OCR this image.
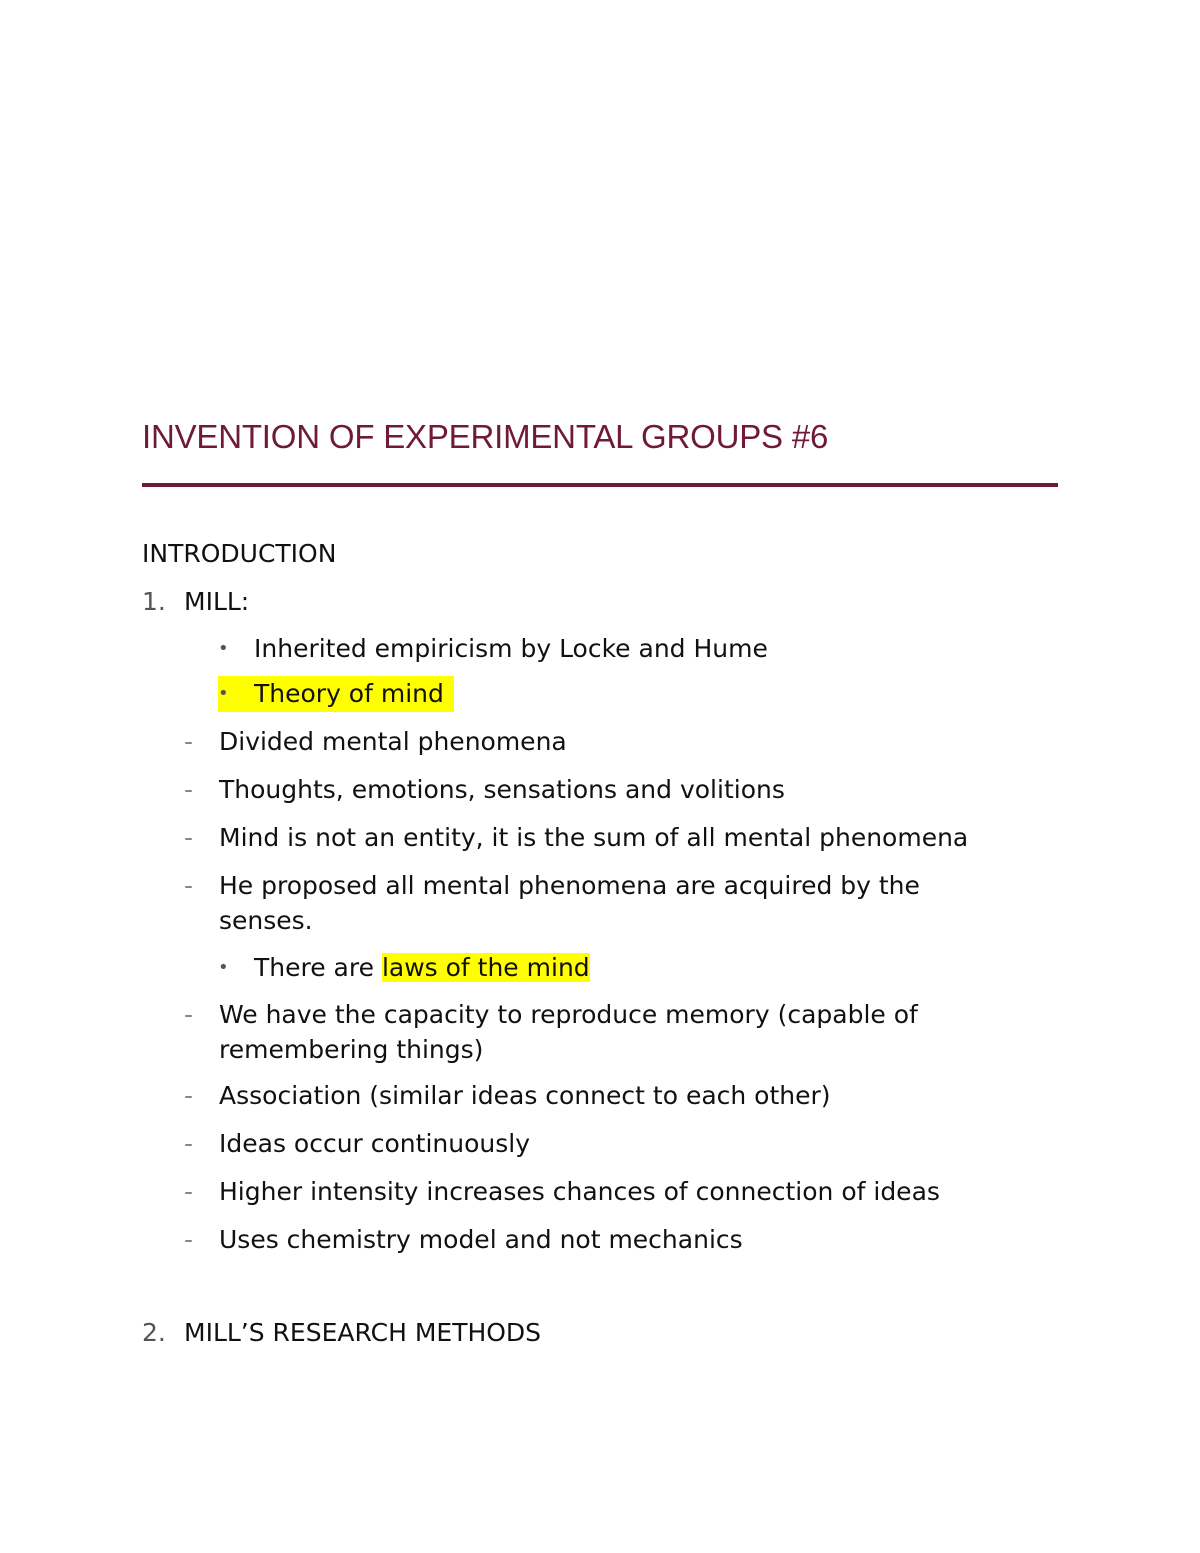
INVENTION OF EXPERIMENTAL GROUPS #6
INTRODUCTION
1. MILL:
• Inherited empiricism by Locke and Hume
• Theory of mind
- Divided mental phenomena
- Thoughts, emotions, sensations and volitions
- Mind is not an entity, it is the sum of all mental phenomena
- He proposed all mental phenomena are acquired by the
senses.
• There are laws of the mind
- We have the capacity to reproduce memory (capable of
remembering things)
- Association (similar ideas connect to each other)
- Ideas occur continuously
- Higher intensity increases chances of connection of ideas
- Uses chemistry model and not mechanics
2. MILL’S RESEARCH METHODS
